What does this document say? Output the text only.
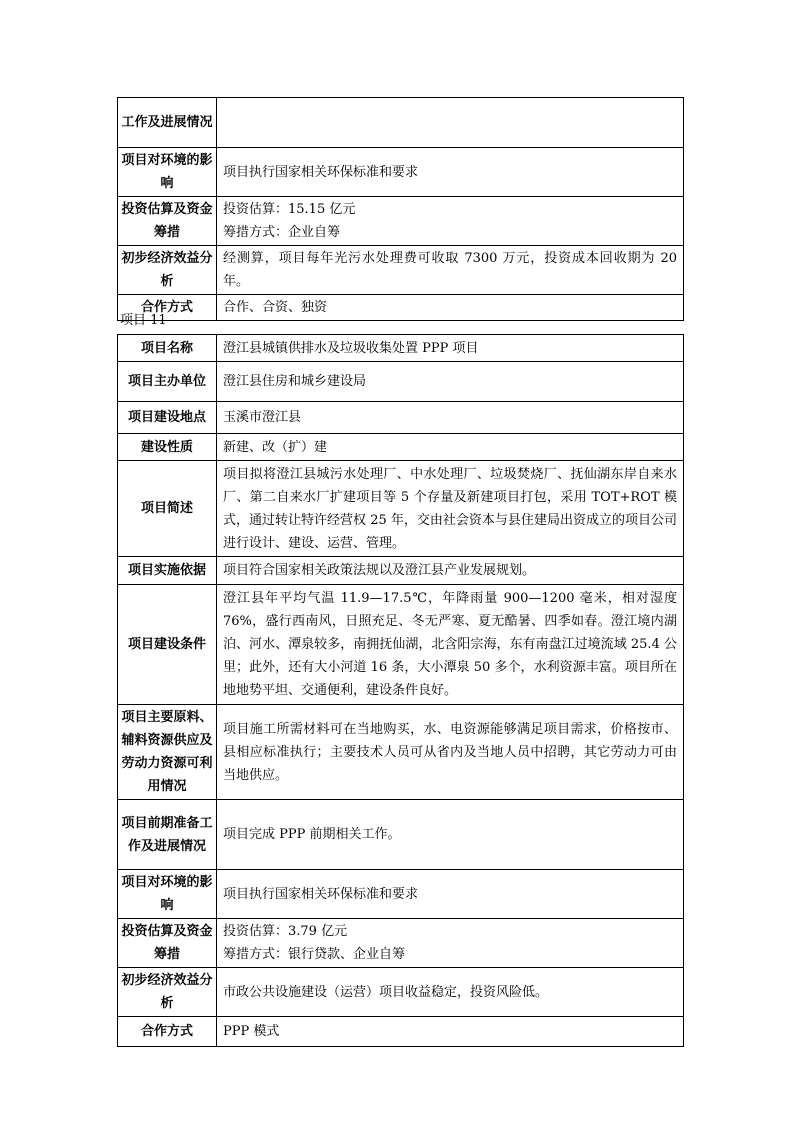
工作及进展情况	
项目对环境的影响	项目执行国家相关环保标准和要求
投资估算及资金筹措	投资估算：15.15 亿元
筹措方式：企业自筹

初步经济效益分析	经测算，项目每年光污水处理费可收取 7300 万元，投资成本回收期为 20 年。
合作方式	合作、合资、独资
项目 11
项目名称	澄江县城镇供排水及垃圾收集处置 PPP 项目
项目主办单位	澄江县住房和城乡建设局
项目建设地点	玉溪市澄江县
建设性质	新建、改（扩）建
项目简述	项目拟将澄江县城污水处理厂、中水处理厂、垃圾焚烧厂、抚仙湖东岸自来水厂、第二自来水厂扩建项目等 5 个存量及新建项目打包，采用 TOT+ROT 模式，通过转让特许经营权 25 年，交由社会资本与县住建局出资成立的项目公司进行设计、建设、运营、管理。
项目实施依据	项目符合国家相关政策法规以及澄江县产业发展规划。
项目建设条件	澄江县年平均气温 11.9—17.5℃，年降雨量 900—1200 毫米，相对湿度 76%，盛行西南风，日照充足、冬无严寒、夏无酷暑、四季如春。澄江境内湖泊、河水、潭泉较多，南拥抚仙湖，北含阳宗海，东有南盘江过境流域 25.4 公里；此外，还有大小河道 16 条，大小潭泉 50 多个，水利资源丰富。项目所在地地势平坦、交通便利，建设条件良好。
项目主要原料、辅料资源供应及劳动力资源可利用情况	项目施工所需材料可在当地购买，水、电资源能够满足项目需求，价格按市、县相应标准执行；主要技术人员可从省内及当地人员中招聘，其它劳动力可由当地供应。
项目前期准备工作及进展情况	项目完成 PPP 前期相关工作。
项目对环境的影响	项目执行国家相关环保标准和要求
投资估算及资金筹措	投资估算：3.79 亿元
筹措方式：银行贷款、企业自筹

初步经济效益分析	市政公共设施建设（运营）项目收益稳定，投资风险低。
合作方式	PPP 模式
